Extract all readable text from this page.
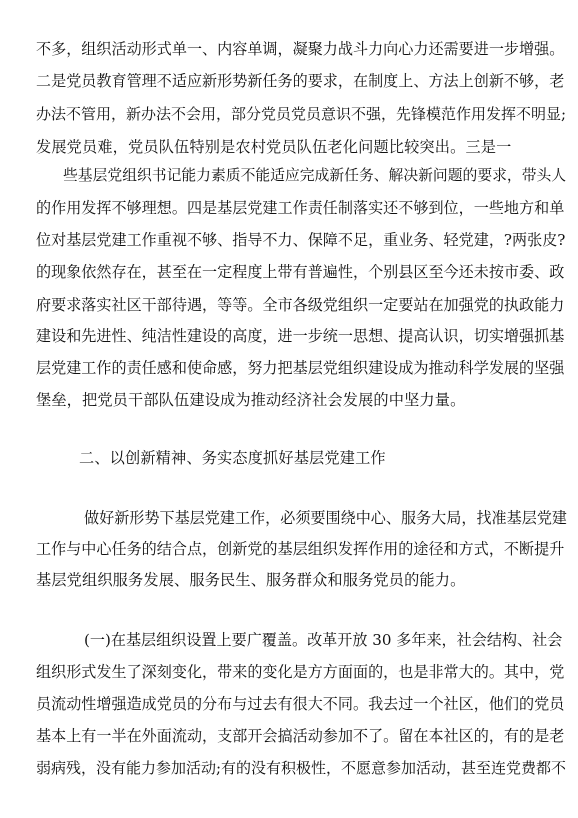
不多，组织活动形式单一、内容单调，凝聚力战斗力向心力还需要进一步增强。
二是党员教育管理不适应新形势新任务的要求，在制度上、方法上创新不够，老
办法不管用，新办法不会用，部分党员党员意识不强，先锋模范作用发挥不明显;
发展党员难，党员队伍特别是农村党员队伍老化问题比较突出。三是一
些基层党组织书记能力素质不能适应完成新任务、解决新问题的要求，带头人
的作用发挥不够理想。四是基层党建工作责任制落实还不够到位，一些地方和单
位对基层党建工作重视不够、指导不力、保障不足，重业务、轻党建，?两张皮?
的现象依然存在，甚至在一定程度上带有普遍性，个别县区至今还未按市委、政
府要求落实社区干部待遇，等等。全市各级党组织一定要站在加强党的执政能力
建设和先进性、纯洁性建设的高度，进一步统一思想、提高认识，切实增强抓基
层党建工作的责任感和使命感，努力把基层党组织建设成为推动科学发展的坚强
堡垒，把党员干部队伍建设成为推动经济社会发展的中坚力量。
二、以创新精神、务实态度抓好基层党建工作
做好新形势下基层党建工作，必须要围绕中心、服务大局，找准基层党建
工作与中心任务的结合点，创新党的基层组织发挥作用的途径和方式，不断提升
基层党组织服务发展、服务民生、服务群众和服务党员的能力。
(一)在基层组织设置上要广覆盖。改革开放 30 多年来，社会结构、社会
组织形式发生了深刻变化，带来的变化是方方面面的，也是非常大的。其中，党
员流动性增强造成党员的分布与过去有很大不同。我去过一个社区，他们的党员
基本上有一半在外面流动，支部开会搞活动参加不了。留在本社区的，有的是老
弱病残，没有能力参加活动;有的没有积极性，不愿意参加活动，甚至连党费都不
